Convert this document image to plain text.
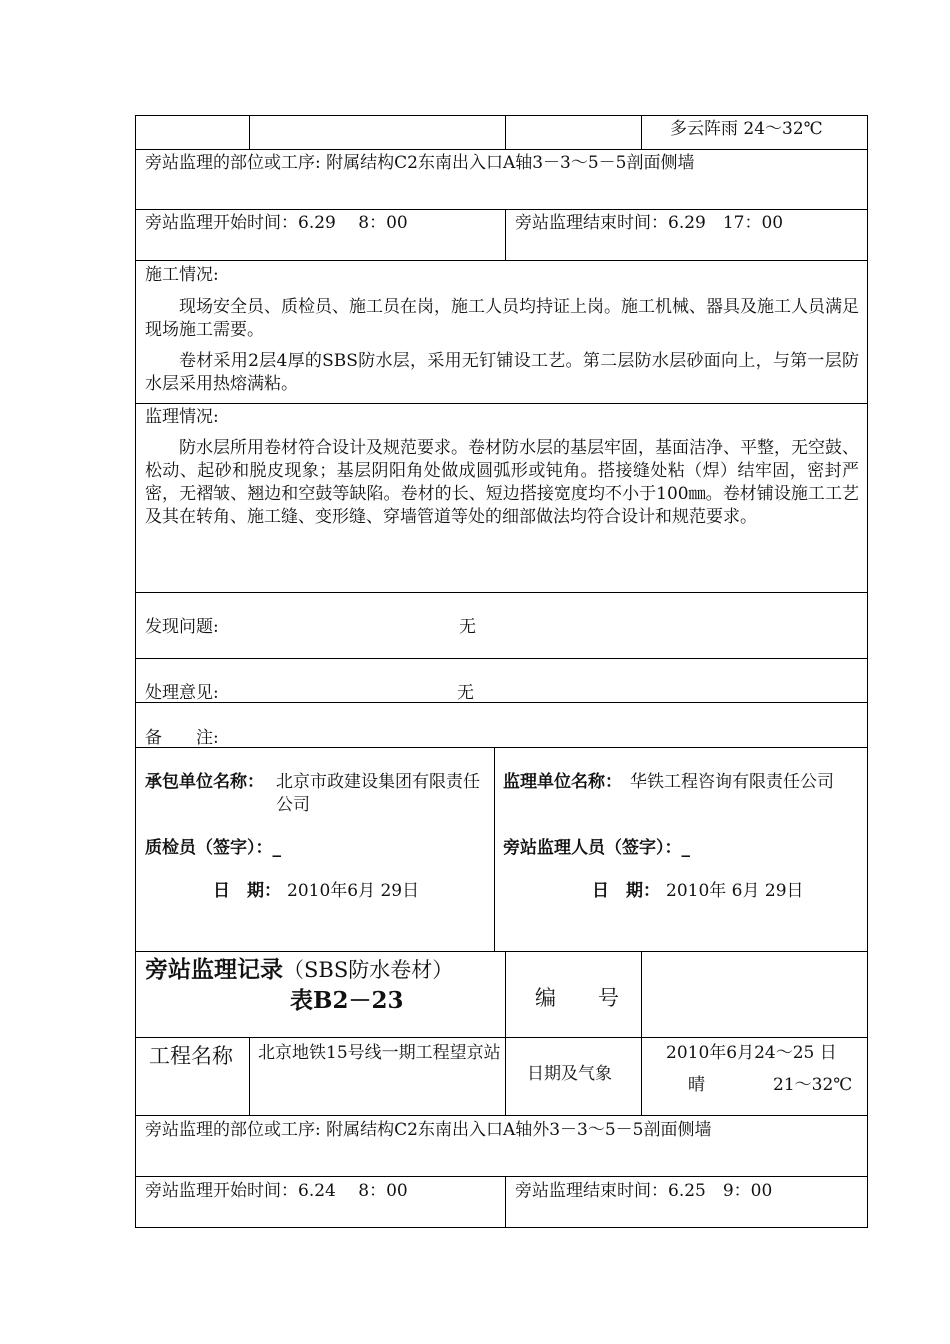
多云阵雨 24～32℃
旁站监理的部位或工序: 附属结构C2东南出入口A轴3－3～5－5剖面侧墙
旁站监理开始时间：6.29　 8：00	旁站监理结束时间：6.29　17：00
施工情况:
现场安全员、质检员、施工员在岗，施工人员均持证上岗。施工机械、器具及施工人员满足现场施工需要。
卷材采用2层4厚的SBS防水层，采用无钉铺设工艺。第二层防水层砂面向上，与第一层防水层采用热熔满粘。
监理情况:
防水层所用卷材符合设计及规范要求。卷材防水层的基层牢固，基面洁净、平整，无空鼓、松动、起砂和脱皮现象；基层阴阳角处做成圆弧形或钝角。搭接缝处粘（焊）结牢固，密封严密，无褶皱、翘边和空鼓等缺陷。卷材的长、短边搭接宽度均不小于100㎜。卷材铺设施工工艺及其在转角、施工缝、变形缝、穿墙管道等处的细部做法均符合设计和规范要求。
发现问题:	无
处理意见:	无
备　　注:
承包单位名称： 北京市政建设集团有限责任公司
监理单位名称： 华铁工程咨询有限责任公司
质检员（签字）：_	旁站监理人员（签字）：_
日　期： 2010年6月 29日	日　期： 2010年 6月 29日
旁站监理记录（SBS防水卷材）
表B2－23	编　　号
工程名称 北京地铁15号线一期工程望京站
日期及气象
2010年6月24～25 日
晴　　　　21～32℃
旁站监理的部位或工序: 附属结构C2东南出入口A轴外3－3～5－5剖面侧墙
旁站监理开始时间：6.24　 8：00	旁站监理结束时间：6.25　9：00
